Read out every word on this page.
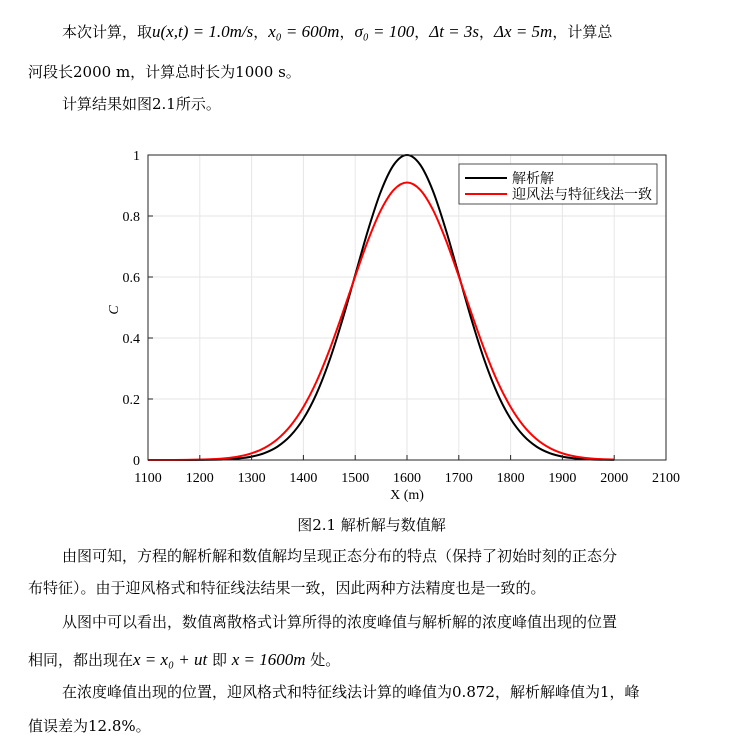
本次计算，取u(x,t) = 1.0m/s，x₀ = 600m，σ₀ = 100，Δt = 3s，Δx = 5m，计算总
河段长2000 m，计算总时长为1000 s。
计算结果如图2.1所示。
由图可知，方程的解析解和数值解均呈现正态分布的特点（保持了初始时刻的正态分
布特征）。由于迎风格式和特征线法结果一致，因此两种方法精度也是一致的。
从图中可以看出，数值离散格式计算所得的浓度峰值与解析解的浓度峰值出现的位置
相同，都出现在x = x₀ + ut 即 x = 1600m 处。
在浓度峰值出现的位置，迎风格式和特征线法计算的峰值为0.872，解析解峰值为1，峰
值误差为12.8%。
1100 1200 1300 1400 1500 1600 1700 1800 1900 2000 2100
0
0.2
0.4
0.6
0.8
1
C
X (m)
解析解
迎风法与特征线法一致
图2.1 解析解与数值解
